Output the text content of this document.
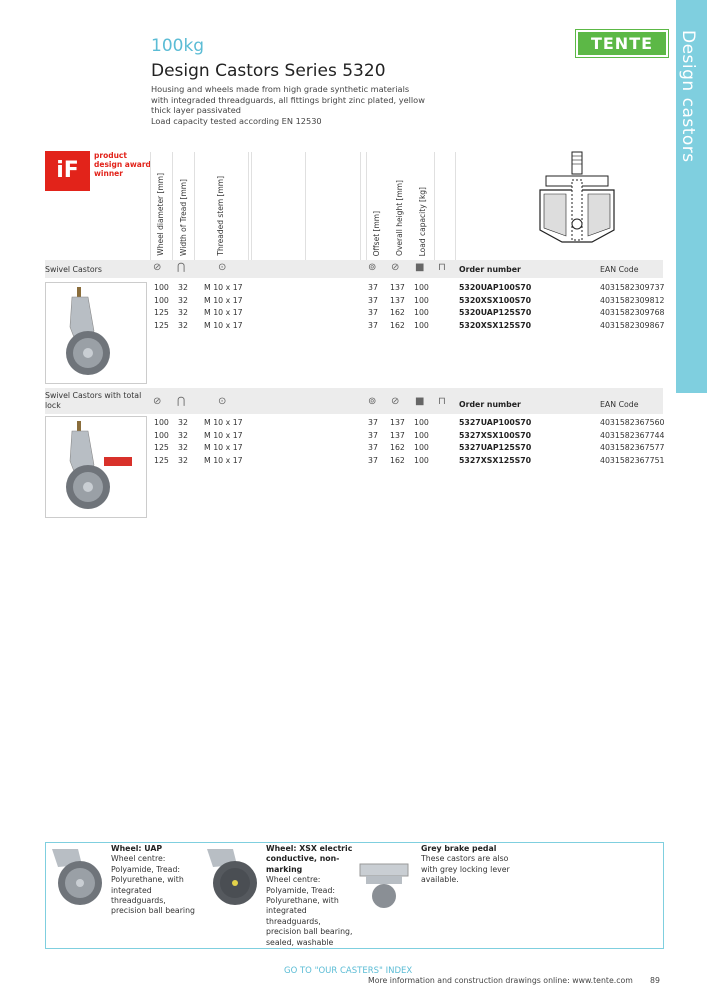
Design castors
TENTE
100kg
Design Castors Series 5320
Housing and wheels made from high grade synthetic materials with integraded threadguards, all fittings bright zinc plated, yellow thick layer passivated
Load capacity tested according EN 12530
iF
product design award winner	Wheel diameter [mm] Width of Tread [mm]	Threaded stem [mm]	Offset [mm] Overall height [mm] Load capacity [kg]
Swivel Castors	⊘ ⋂	⊙	⊚ ⊘ ■ ⊓ Order number	EAN Code
100 32 M 10 x 17	37 137 100	5320UAP100S70	4031582309737
100 32 M 10 x 17	37 137 100	5320XSX100S70	4031582309812
125 32 M 10 x 17	37 162 100	5320UAP125S70	4031582309768
125 32 M 10 x 17	37 162 100	5320XSX125S70	4031582309867
Swivel Castors with total lock	⊘ ⋂	⊙	⊚ ⊘ ■ ⊓ Order number	EAN Code
100 32 M 10 x 17	37 137 100	5327UAP100S70	4031582367560
100 32 M 10 x 17	37 137 100	5327XSX100S70	4031582367744
125 32 M 10 x 17	37 162 100	5327UAP125S70	4031582367577
125 32 M 10 x 17	37 162 100	5327XSX125S70	4031582367751
Wheel: UAP
Wheel centre: Polyamide, Tread: Polyurethane, with integrated threadguards, precision ball bearing
Wheel: XSX electric conductive, non-marking
Wheel centre: Polyamide, Tread: Polyurethane, with integrated threadguards, precision ball bearing, sealed, washable
Grey brake pedal
These castors are also with grey locking lever available.
GO TO "OUR CASTERS" INDEX
More information and construction drawings online: www.tente.com 89
